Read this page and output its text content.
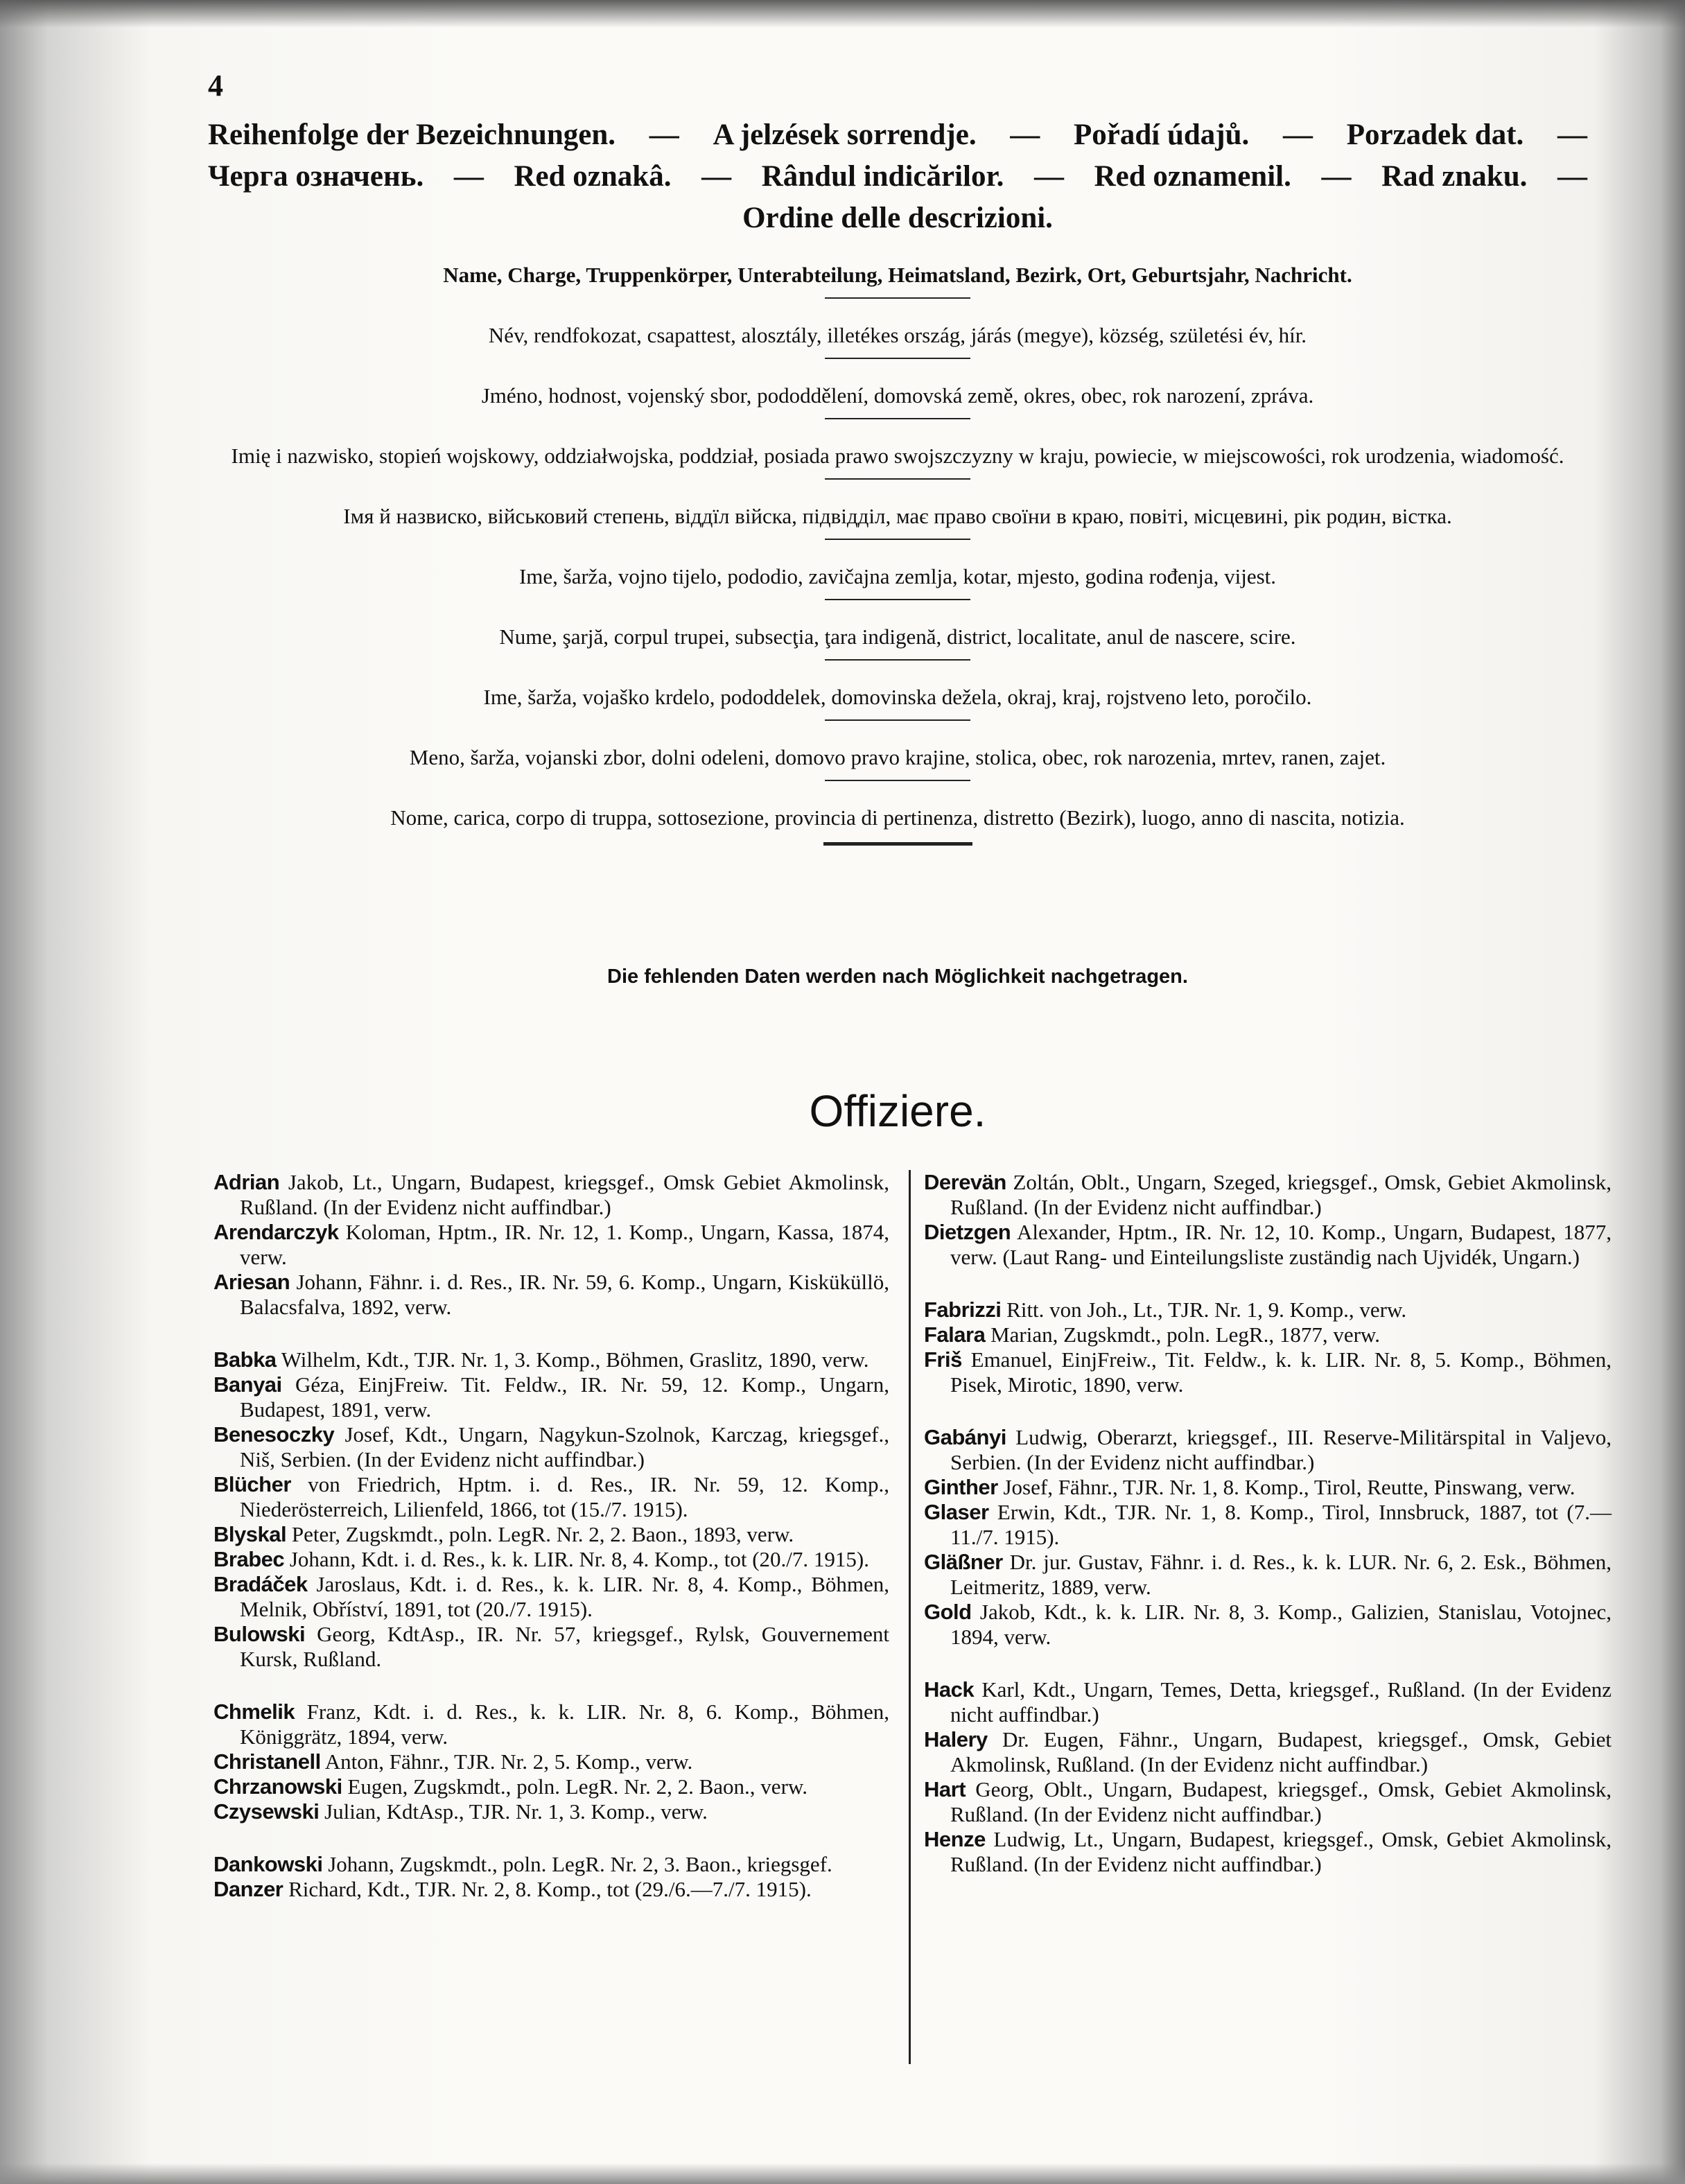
4
Reihenfolge der Bezeichnungen. — A jelzések sorrendje. — Pořadí údajů. — Porzadek dat. —
Черга означень. — Red oznakâ. — Rândul indicărilor. — Red oznamenil. — Rad znaku. —
Ordine delle descrizioni.
Name, Charge, Truppenkörper, Unterabteilung, Heimatsland, Bezirk, Ort, Geburtsjahr, Nachricht.
Név, rendfokozat, csapattest, alosztály, illetékes ország, járás (megye), község, születési év, hír.
Jméno, hodnost, vojenský sbor, pododdělení, domovská země, okres, obec, rok narození, zpráva.
Imię i nazwisko, stopień wojskowy, oddziałwojska, poddział, posiada prawo swojszczyzny w kraju, powiecie, w miejscowości, rok urodzenia, wiadomość.
Імя й назвиско, військовий степень, віддїл війска, підвідділ, має право своїни в краю, повіті, місцевині, рік родин, вістка.
Ime, šarža, vojno tijelo, pododio, zavičajna zemlja, kotar, mjesto, godina rođenja, vijest.
Nume, şarjă, corpul trupei, subsecţia, ţara indigenă, district, localitate, anul de nascere, scire.
Ime, šarža, vojaško krdelo, pododdelek, domovinska dežela, okraj, kraj, rojstveno leto, poročilo.
Meno, šarža, vojanski zbor, dolni odeleni, domovo pravo krajine, stolica, obec, rok narozenia, mrtev, ranen, zajet.
Nome, carica, corpo di truppa, sottosezione, provincia di pertinenza, distretto (Bezirk), luogo, anno di nascita, notizia.
Die fehlenden Daten werden nach Möglichkeit nachgetragen.
Offiziere.
Adrian Jakob, Lt., Ungarn, Budapest, kriegsgef., Omsk Gebiet Akmolinsk, Rußland. (In der Evidenz nicht auffindbar.)
Arendarczyk Koloman, Hptm., IR. Nr. 12, 1. Komp., Ungarn, Kassa, 1874, verw.
Ariesan Johann, Fähnr. i. d. Res., IR. Nr. 59, 6. Komp., Ungarn, Kisküküllö, Balacsfalva, 1892, verw.
Babka Wilhelm, Kdt., TJR. Nr. 1, 3. Komp., Böhmen, Graslitz, 1890, verw.
Banyai Géza, EinjFreiw. Tit. Feldw., IR. Nr. 59, 12. Komp., Ungarn, Budapest, 1891, verw.
Benesoczky Josef, Kdt., Ungarn, Nagykun-Szolnok, Karczag, kriegsgef., Niš, Serbien. (In der Evidenz nicht auffindbar.)
Blücher von Friedrich, Hptm. i. d. Res., IR. Nr. 59, 12. Komp., Niederösterreich, Lilienfeld, 1866, tot (15./7. 1915).
Blyskal Peter, Zugskmdt., poln. LegR. Nr. 2, 2. Baon., 1893, verw.
Brabec Johann, Kdt. i. d. Res., k. k. LIR. Nr. 8, 4. Komp., tot (20./7. 1915).
Bradáček Jaroslaus, Kdt. i. d. Res., k. k. LIR. Nr. 8, 4. Komp., Böhmen, Melnik, Obříství, 1891, tot (20./7. 1915).
Bulowski Georg, KdtAsp., IR. Nr. 57, kriegsgef., Rylsk, Gouvernement Kursk, Rußland.
Chmelik Franz, Kdt. i. d. Res., k. k. LIR. Nr. 8, 6. Komp., Böhmen, Königgrätz, 1894, verw.
Christanell Anton, Fähnr., TJR. Nr. 2, 5. Komp., verw.
Chrzanowski Eugen, Zugskmdt., poln. LegR. Nr. 2, 2. Baon., verw.
Czysewski Julian, KdtAsp., TJR. Nr. 1, 3. Komp., verw.
Dankowski Johann, Zugskmdt., poln. LegR. Nr. 2, 3. Baon., kriegsgef.
Danzer Richard, Kdt., TJR. Nr. 2, 8. Komp., tot (29./6.—7./7. 1915).
Derevän Zoltán, Oblt., Ungarn, Szeged, kriegsgef., Omsk, Gebiet Akmolinsk, Rußland. (In der Evidenz nicht auffindbar.)
Dietzgen Alexander, Hptm., IR. Nr. 12, 10. Komp., Ungarn, Budapest, 1877, verw. (Laut Rang- und Einteilungsliste zuständig nach Ujvidék, Ungarn.)
Fabrizzi Ritt. von Joh., Lt., TJR. Nr. 1, 9. Komp., verw.
Falara Marian, Zugskmdt., poln. LegR., 1877, verw.
Friš Emanuel, EinjFreiw., Tit. Feldw., k. k. LIR. Nr. 8, 5. Komp., Böhmen, Pisek, Mirotic, 1890, verw.
Gabányi Ludwig, Oberarzt, kriegsgef., III. Reserve-Militärspital in Valjevo, Serbien. (In der Evidenz nicht auffindbar.)
Ginther Josef, Fähnr., TJR. Nr. 1, 8. Komp., Tirol, Reutte, Pinswang, verw.
Glaser Erwin, Kdt., TJR. Nr. 1, 8. Komp., Tirol, Innsbruck, 1887, tot (7.—11./7. 1915).
Gläßner Dr. jur. Gustav, Fähnr. i. d. Res., k. k. LUR. Nr. 6, 2. Esk., Böhmen, Leitmeritz, 1889, verw.
Gold Jakob, Kdt., k. k. LIR. Nr. 8, 3. Komp., Galizien, Stanislau, Votojnec, 1894, verw.
Hack Karl, Kdt., Ungarn, Temes, Detta, kriegsgef., Rußland. (In der Evidenz nicht auffindbar.)
Halery Dr. Eugen, Fähnr., Ungarn, Budapest, kriegsgef., Omsk, Gebiet Akmolinsk, Rußland. (In der Evidenz nicht auffindbar.)
Hart Georg, Oblt., Ungarn, Budapest, kriegsgef., Omsk, Gebiet Akmolinsk, Rußland. (In der Evidenz nicht auffindbar.)
Henze Ludwig, Lt., Ungarn, Budapest, kriegsgef., Omsk, Gebiet Akmolinsk, Rußland. (In der Evidenz nicht auffindbar.)
